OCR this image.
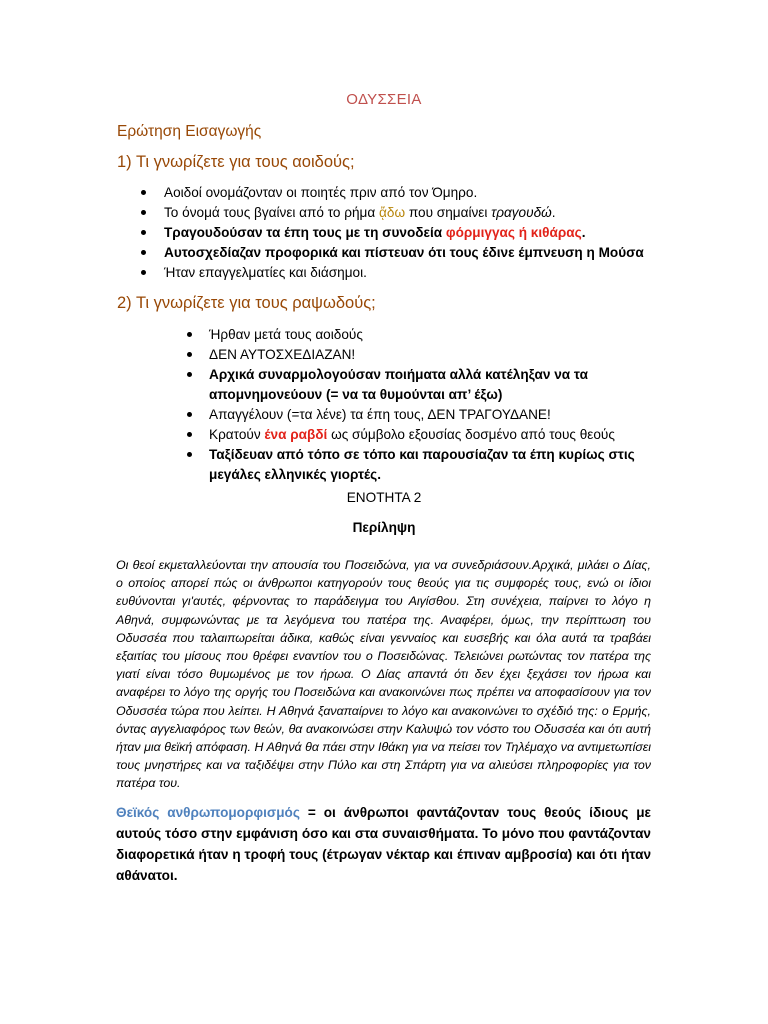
ΟΔΥΣΣΕΙΑ
Ερώτηση Εισαγωγής
1) Τι γνωρίζετε για τους αοιδούς;
Αοιδοί ονομάζονταν οι ποιητές πριν από τον Όμηρο.
Το όνομά τους βγαίνει από το ρήμα ᾄδω που σημαίνει τραγουδώ.
Τραγουδούσαν τα έπη τους με τη συνοδεία φόρμιγγας ή κιθάρας.
Αυτοσχεδίαζαν προφορικά και πίστευαν ότι τους έδινε έμπνευση η Μούσα
Ήταν επαγγελματίες και διάσημοι.
2) Τι γνωρίζετε για τους ραψωδούς;
Ήρθαν μετά τους αοιδούς
ΔΕΝ ΑΥΤΟΣΧΕΔΙΑΖΑΝ!
Αρχικά συναρμολογούσαν ποιήματα αλλά κατέληξαν να τα απομνημονεύουν (= να τα θυμούνται απ’ έξω)
Απαγγέλουν (=τα λένε) τα έπη τους, ΔΕΝ ΤΡΑΓΟΥΔΑΝΕ!
Κρατούν ένα ραβδί ως σύμβολο εξουσίας δοσμένο από τους θεούς
Ταξίδευαν από τόπο σε τόπο και παρουσίαζαν τα έπη κυρίως στις μεγάλες ελληνικές γιορτές.
ΕΝΟΤΗΤΑ 2
Περίληψη

Οι θεοί εκμεταλλεύονται την απουσία του Ποσειδώνα, για να συνεδριάσουν.Αρχικά, μιλάει ο Δίας, ο οποίος απορεί πώς οι άνθρωποι κατηγορούν τους θεούς για τις συμφορές τους, ενώ οι ίδιοι ευθύνονται γι'αυτές, φέρνοντας το παράδειγμα του Αιγίσθου. Στη συνέχεια, παίρνει το λόγο η Αθηνά, συμφωνώντας με τα λεγόμενα του πατέρα της. Αναφέρει, όμως, την περίπτωση του Οδυσσέα που ταλαιπωρείται άδικα, καθώς είναι γενναίος και ευσεβής και όλα αυτά τα τραβάει εξαιτίας του μίσους που θρέφει εναντίον του ο Ποσειδώνας. Τελειώνει ρωτώντας τον πατέρα της γιατί είναι τόσο θυμωμένος με τον ήρωα. Ο Δίας απαντά ότι δεν έχει ξεχάσει τον ήρωα και αναφέρει το λόγο της οργής του Ποσειδώνα και ανακοινώνει πως πρέπει να αποφασίσουν για τον Οδυσσέα τώρα που λείπει. Η Αθηνά ξαναπαίρνει το λόγο και ανακοινώνει το σχέδιό της: ο Ερμής, όντας αγγελιαφόρος των θεών, θα ανακοινώσει στην Καλυψώ τον νόστο του Οδυσσέα και ότι αυτή ήταν μια θεϊκή απόφαση. Η Αθηνά θα πάει στην Ιθάκη για να πείσει τον Τηλέμαχο να αντιμετωπίσει τους μνηστήρες και να ταξιδέψει στην Πύλο και στη Σπάρτη για να αλιεύσει πληροφορίες για τον πατέρα του.

Θεϊκός ανθρωπομορφισμός = οι άνθρωποι φαντάζονταν τους θεούς ίδιους με αυτούς τόσο στην εμφάνιση όσο και στα συναισθήματα. Το μόνο που φαντάζονταν διαφορετικά ήταν η τροφή τους (έτρωγαν νέκταρ και έπιναν αμβροσία) και ότι ήταν αθάνατοι.
